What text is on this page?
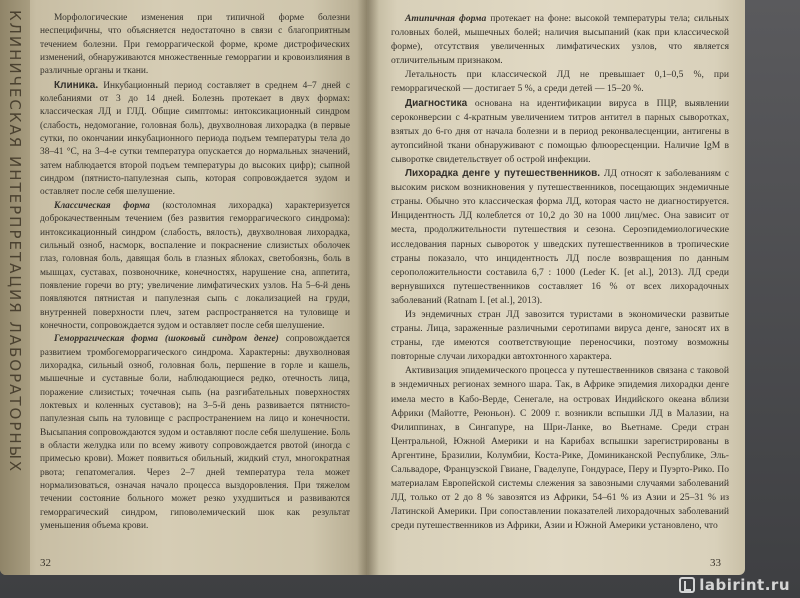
КЛИНИЧЕСКАЯ ИНТЕРПРЕТАЦИЯ ЛАБОРАТОРНЫХ	Морфологические изменения при типичной форме болезни неспецифичны, что объясняется недостаточно в связи с благоприятным течением болезни. При геморрагической форме, кроме дистрофических изменений, обнаруживаются множественные геморрагии и кровоизлияния в различные органы и ткани.

Клиника. Инкубационный период составляет в среднем 4–7 дней с колебаниями от 3 до 14 дней. Болезнь протекает в двух формах: классическая ЛД и ГЛД. Общие симптомы: интоксикационный синдром (слабость, недомогание, головная боль), двухволновая лихорадка (в первые сутки, по окончании инкубационного периода подъем температуры тела до 38–41 °С, на 3–4-е сутки температура опускается до нормальных значений, затем наблюдается второй подъем температуры до высоких цифр); сыпной синдром (пятнисто-папулезная сыпь, которая сопровождается зудом и оставляет после себя шелушение.

Классическая форма (костоломная лихорадка) характеризуется доброкачественным течением (без развития геморрагического синдрома): интоксикационный синдром (слабость, вялость), двухволновая лихорадка, сильный озноб, насморк, воспаление и покраснение слизистых оболочек глаз, головная боль, давящая боль в глазных яблоках, светобоязнь, боль в мышцах, суставах, позвоночнике, конечностях, нарушение сна, аппетита, появление горечи во рту; увеличение лимфатических узлов. На 5–6-й день появляются пятнистая и папулезная сыпь с локализацией на груди, внутренней поверхности плеч, затем распространяется на туловище и конечности, сопровождается зудом и оставляет после себя шелушение.

Геморрагическая форма (шоковый синдром денге) сопровождается развитием тромбогеморрагического синдрома. Характерны: двухволновая лихорадка, сильный озноб, головная боль, першение в горле и кашель, мышечные и суставные боли, наблюдающиеся редко, отечность лица, поражение слизистых; точечная сыпь (на разгибательных поверхностях локтевых и коленных суставов); на 3–5-й день развивается пятнисто-папулезная сыпь на туловище с распространением на лицо и конечности. Высыпания сопровождаются зудом и оставляют после себя шелушение. Боль в области желудка или по всему животу сопровождается рвотой (иногда с примесью крови). Может появиться обильный, жидкий стул, многократная рвота; гепатомегалия. Через 2–7 дней температура тела может нормализоваться, означая начало процесса выздоровления. При тяжелом течении состояние больного может резко ухудшиться и развиваются геморрагический синдром, гиповолемический шок как результат уменьшения объема крови.

32

Атипичная форма протекает на фоне: высокой температуры тела; сильных головных болей, мышечных болей; наличия высыпаний (как при классической форме), отсутствия увеличенных лимфатических узлов, что является отличительным признаком.

Летальность при классической ЛД не превышает 0,1–0,5 %, при геморрагической — достигает 5 %, а среди детей — 15–20 %.

Диагностика основана на идентификации вируса в ПЦР, выявлении сероконверсии с 4-кратным увеличением титров антител в парных сыворотках, взятых до 6-го дня от начала болезни и в период реконвалесценции, антигены в аутопсийной ткани обнаруживают с помощью флюоресценции. Наличие IgM в сыворотке свидетельствует об острой инфекции.

Лихорадка денге у путешественников. ЛД относят к заболеваниям с высоким риском возникновения у путешественников, посещающих эндемичные страны. Обычно это классическая форма ЛД, которая часто не диагностируется. Инцидентность ЛД колеблется от 10,2 до 30 на 1000 лиц/мес. Она зависит от места, продолжительности путешествия и сезона. Сероэпидемиологические исследования парных сывороток у шведских путешественников в тропические страны показало, что инцидентность ЛД после возвращения по данным сероположительности составила 6,7 : 1000 (Leder K. [et al.], 2013). ЛД среди вернувшихся путешественников составляет 16 % от всех лихорадочных заболеваний (Ratnam I. [et al.], 2013).

Из эндемичных стран ЛД завозится туристами в экономически развитые страны. Лица, зараженные различными серотипами вируса денге, заносят их в страны, где имеются соответствующие переносчики, поэтому возможны повторные случаи лихорадки автохтонного характера.

Активизация эпидемического процесса у путешественников связана с таковой в эндемичных регионах земного шара. Так, в Африке эпидемия лихорадки денге имела место в Кабо-Верде, Сенегале, на островах Индийского океана вблизи Африки (Майотте, Реюньон). С 2009 г. возникли вспышки ЛД в Малазии, на Филиппинах, в Сингапуре, на Шри-Ланке, во Вьетнаме. Среди стран Центральной, Южной Америки и на Карибах вспышки зарегистрированы в Аргентине, Бразилии, Колумбии, Коста-Рике, Доминиканской Республике, Эль-Сальвадоре, Французской Гвиане, Гваделупе, Гондурасе, Перу и Пуэрто-Рико. По материалам Европейской системы слежения за завозными случаями заболеваний ЛД, только от 2 до 8 % завозятся из Африки, 54–61 % из Азии и 25–31 % из Латинской Америки. При сопоставлении показателей лихорадочных заболеваний среди путешественников из Африки, Азии и Южной Америки установлено, что

33
labirint.ru
